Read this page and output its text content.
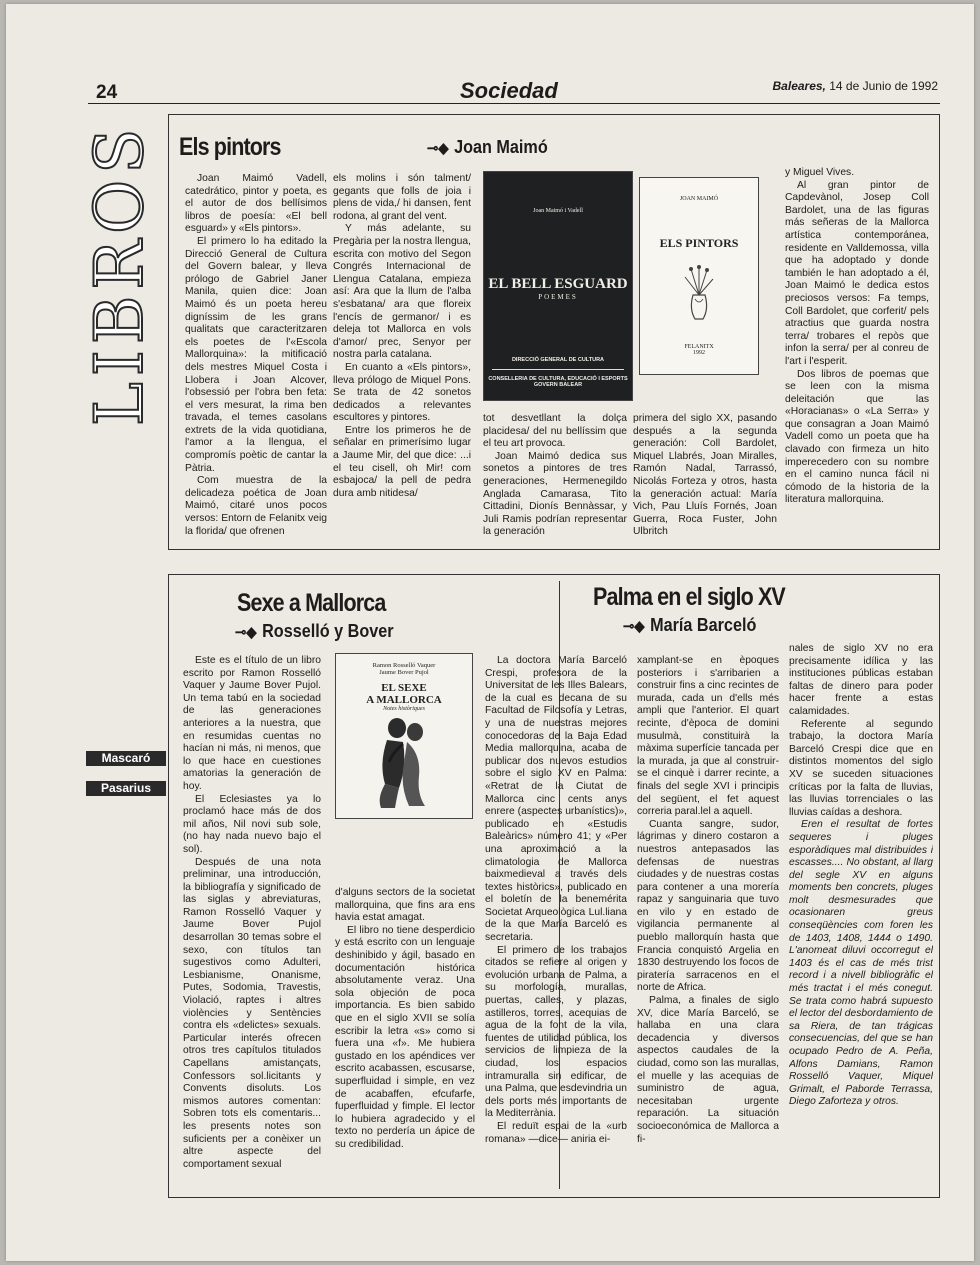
24	Sociedad	Baleares, 14 de Junio de 1992
LIBROS
Mascaró
Pasarius
Els pintors	⊸◆ Joan Maimó

Joan Maimó Vadell, catedrático, pintor y poeta, es el autor de dos bellísimos libros de poesía: «El bell esguard» y «Els pintors».

El primero lo ha editado la Direcció General de Cultura del Govern balear, y lleva prólogo de Gabriel Janer Manila, quien dice: Joan Maimó és un poeta hereu digníssim de les grans qualitats que caracteritzaren els poetes de l'«Escola Mallorquina»: la mitificació dels mestres Miquel Costa i Llobera i Joan Alcover, l'obsessió per l'obra ben feta: el vers mesurat, la rima ben travada, el temes casolans extrets de la vida quotidiana, l'amor a la llengua, el compromís poètic de cantar la Pàtria.

Com muestra de la delicadeza poética de Joan Maimó, citaré unos pocos versos: Entorn de Felanitx veig la florida/ que ofrenen

els molins i són talment/ gegants que folls de joia i plens de vida,/ hi dansen, fent rodona, al grant del vent.

Y más adelante, su Pregària per la nostra llengua, escrita con motivo del Segon Congrés Internacional de Llengua Catalana, empieza así: Ara que la llum de l'alba s'esbatana/ ara que floreix l'encís de germanor/ i es deleja tot Mallorca en vols d'amor/ prec, Senyor per nostra parla catalana.

En cuanto a «Els pintors», lleva prólogo de Miquel Pons. Se trata de 42 sonetos dedicados a relevantes escultores y pintores.

Entre los primeros he de señalar en primerísimo lugar a Jaume Mir, del que dice: ...i el teu cisell, oh Mir! com esbajoca/ la pell de pedra dura amb nitidesa/

Joan Maimó i Vadell
EL BELL ESGUARD
POEMES
DIRECCIÓ GENERAL DE CULTURA
CONSELLERIA DE CULTURA, EDUCACIÓ I ESPORTS
GOVERN BALEAR
JOAN MAIMÓ
ELS PINTORS
FELANITX
1992

tot desvetllant la dolça placidesa/ del nu bellíssim que el teu art provoca.

Joan Maimó dedica sus sonetos a pintores de tres generaciones, Hermenegildo Anglada Camarasa, Tito Cittadini, Dionís Bennàssar, y Juli Ramis podrían representar la generación

primera del siglo XX, pasando después a la segunda generación: Coll Bardolet, Miquel Llabrés, Joan Miralles, Ramón Nadal, Tarrassó, Nicolás Forteza y otros, hasta la generación actual: María Vich, Pau Lluís Fornés, Joan Guerra, Roca Fuster, John Ulbritch

y Miguel Vives.

Al gran pintor de Capdevànol, Josep Coll Bardolet, una de las figuras más señeras de la Mallorca artística contemporánea, residente en Valldemossa, villa que ha adoptado y donde también le han adoptado a él, Joan Maimó le dedica estos preciosos versos: Fa temps, Coll Bardolet, que corferit/ pels atractius que guarda nostra terra/ trobares el repòs que infon la serra/ per al conreu de l'art i l'esperit.

Dos libros de poemas que se leen con la misma deleitación que las «Horacianas» o «La Serra» y que consagran a Joan Maimó Vadell como un poeta que ha clavado con firmeza un hito imperecedero con su nombre en el camino nunca fácil ni cómodo de la historia de la literatura mallorquina.

Sexe a Mallorca
⊸◆ Rosselló y Bover

Este es el título de un libro escrito por Ramon Rosselló Vaquer y Jaume Bover Pujol. Un tema tabú en la sociedad de las generaciones anteriores a la nuestra, que en resumidas cuentas no hacían ni más, ni menos, que lo que hace en cuestiones amatorias la generación de hoy.

El Eclesiastes ya lo proclamó hace más de dos mil años, Nil novi sub sole, (no hay nada nuevo bajo el sol).

Después de una nota preliminar, una introducción, la bibliografía y significado de las siglas y abreviaturas, Ramon Rosselló Vaquer y Jaume Bover Pujol desarrollan 30 temas sobre el sexo, con títulos tan sugestivos como Adulteri, Lesbianisme, Onanisme, Putes, Sodomia, Travestis, Violació, raptes i altres violències y Sentències contra els «delictes» sexuals. Particular interés ofrecen otros tres capítulos titulados Capellans amistançats, Confessors sol.licitants y Convents disoluts. Los mismos autores comentan: Sobren tots els comentaris... les presents notes son suficients per a conèixer un altre aspecte del comportament sexual

Ramon Rosselló Vaquer
Jaume Bover Pujol
EL SEXE
A MALLORCA
Notes històriques

d'alguns sectors de la societat mallorquina, que fins ara ens havia estat amagat.

El libro no tiene desperdicio y está escrito con un lenguaje deshinibido y ágil, basado en documentación histórica absolutamente veraz. Una sola objeción de poca importancia. Es bien sabido que en el siglo XVII se solía escribir la letra «s» como si fuera una «f». Me hubiera gustado en los apéndices ver escrito acabassen, escusarse, superfluidad i simple, en vez de acabaffen, efcufarfe, fuperfluidad y fimple. El lector lo hubiera agradecido y el texto no perdería un ápice de su credibilidad.

Palma en el siglo XV
⊸◆ María Barceló

La doctora María Barceló Crespi, profesora de la Universitat de les Illes Balears, de la cual es decana de su Facultad de Filosofía y Letras, y una de nuestras mejores conocedoras de la Baja Edad Media mallorquina, acaba de publicar dos nuevos estudios sobre el siglo XV en Palma: «Retrat de la Ciutat de Mallorca cinc cents anys enrere (aspectes urbanístics)», publicado en «Estudis Baleàrics» número 41; y «Per una aproximació a la climatologia de Mallorca baixmedieval a través dels textes històrics», publicado en el boletín de la benemérita Societat Arqueològica Lul.liana de la que María Barceló es secretaria.

El primero de los trabajos citados se refiere al origen y evolución urbana de Palma, a su morfología, murallas, puertas, calles, y plazas, astilleros, torres, acequias de agua de la font de la vila, fuentes de utilidad pública, los servicios de limpieza de la ciudad, los espacios intramuralla sin edificar, de una Palma, que esdevindria un dels ports més importants de la Mediterrània.

El reduït espai de la «urb romana» —dice— aniria ei-

xamplant-se en èpoques posteriors i s'arribarien a construir fins a cinc recintes de murada, cada un d'ells més ampli que l'anterior. El quart recinte, d'època de domini musulmà, constituirà la màxima superfície tancada per la murada, ja que al construir-se el cinquè i darrer recinte, a finals del segle XVI i principis del següent, el fet aquest correria paral.lel a aquell.

Cuanta sangre, sudor, lágrimas y dinero costaron a nuestros antepasados las defensas de nuestras ciudades y de nuestras costas para contener a una morería rapaz y sanguinaria que tuvo en vilo y en estado de vigilancia permanente al pueblo mallorquín hasta que Francia conquistó Argelia en 1830 destruyendo los focos de piratería sarracenos en el norte de Africa.

Palma, a finales de siglo XV, dice María Barceló, se hallaba en una clara decadencia y diversos aspectos caudales de la ciudad, como son las murallas, el muelle y las acequias de suministro de agua, necesitaban urgente reparación. La situación socioeconómica de Mallorca a fi-

nales de siglo XV no era precisamente idílica y las instituciones públicas estaban faltas de dinero para poder hacer frente a estas calamidades.

Referente al segundo trabajo, la doctora María Barceló Crespi dice que en distintos momentos del siglo XV se suceden situaciones críticas por la falta de lluvias, las lluvias torrenciales o las lluvias caídas a deshora.

Eren el resultat de fortes sequeres i pluges esporàdiques mal distribuides i escasses.... No obstant, al llarg del segle XV en alguns moments ben concrets, pluges molt desmesurades que ocasionaren greus conseqüències com foren les de 1403, 1408, 1444 o 1490. L'anomeat diluvi occorregut el 1403 és el cas de més trist record i a nivell bibliogràfic el més tractat i el més conegut. Se trata como habrá supuesto el lector del desbordamiento de sa Riera, de tan trágicas consecuencias, del que se han ocupado Pedro de A. Peña, Alfons Damians, Ramon Rosselló Vaquer, Miquel Grimalt, el Paborde Terrassa, Diego Zaforteza y otros.
